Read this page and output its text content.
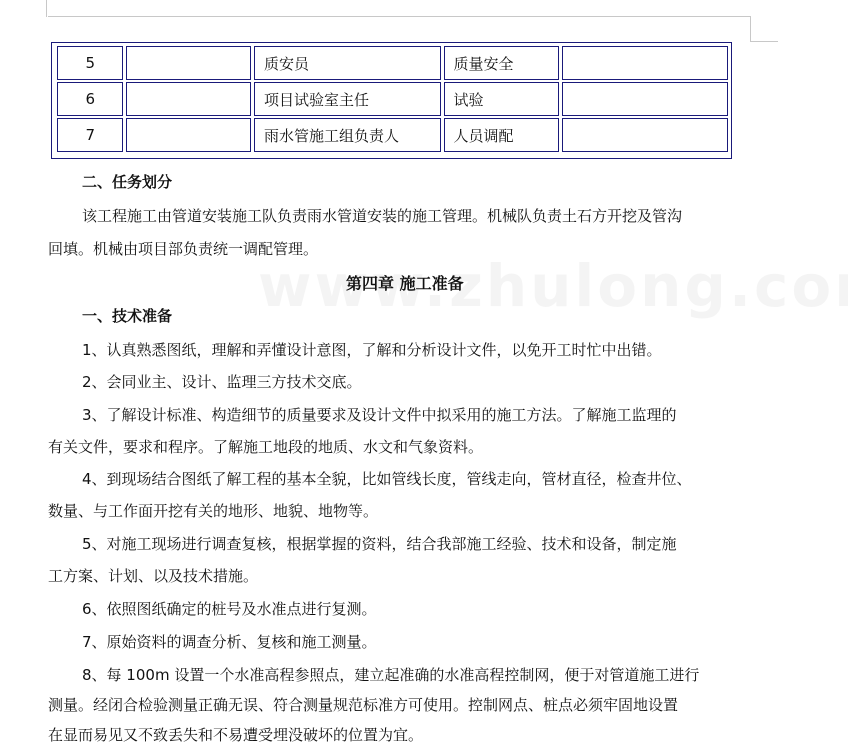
5		质安员	质量安全	
6		项目试验室主任	试验	
7		雨水管施工组负责人	人员调配	
二、任务划分
该工程施工由管道安装施工队负责雨水管道安装的施工管理。机械队负责土石方开挖及管沟
回填。机械由项目部负责统一调配管理。
第四章 施工准备
一、技术准备
1、认真熟悉图纸，理解和弄懂设计意图，了解和分析设计文件，以免开工时忙中出错。
2、会同业主、设计、监理三方技术交底。
3、了解设计标准、构造细节的质量要求及设计文件中拟采用的施工方法。了解施工监理的
有关文件，要求和程序。了解施工地段的地质、水文和气象资料。
4、到现场结合图纸了解工程的基本全貌，比如管线长度，管线走向，管材直径，检查井位、
数量、与工作面开挖有关的地形、地貌、地物等。
5、对施工现场进行调查复核，根据掌握的资料，结合我部施工经验、技术和设备，制定施
工方案、计划、以及技术措施。
6、依照图纸确定的桩号及水准点进行复测。
7、原始资料的调查分析、复核和施工测量。
8、每 100m 设置一个水准高程参照点，建立起准确的水准高程控制网，便于对管道施工进行
测量。经闭合检验测量正确无误、符合测量规范标准方可使用。控制网点、桩点必须牢固地设置
在显而易见又不致丢失和不易遭受埋没破坏的位置为宜。
